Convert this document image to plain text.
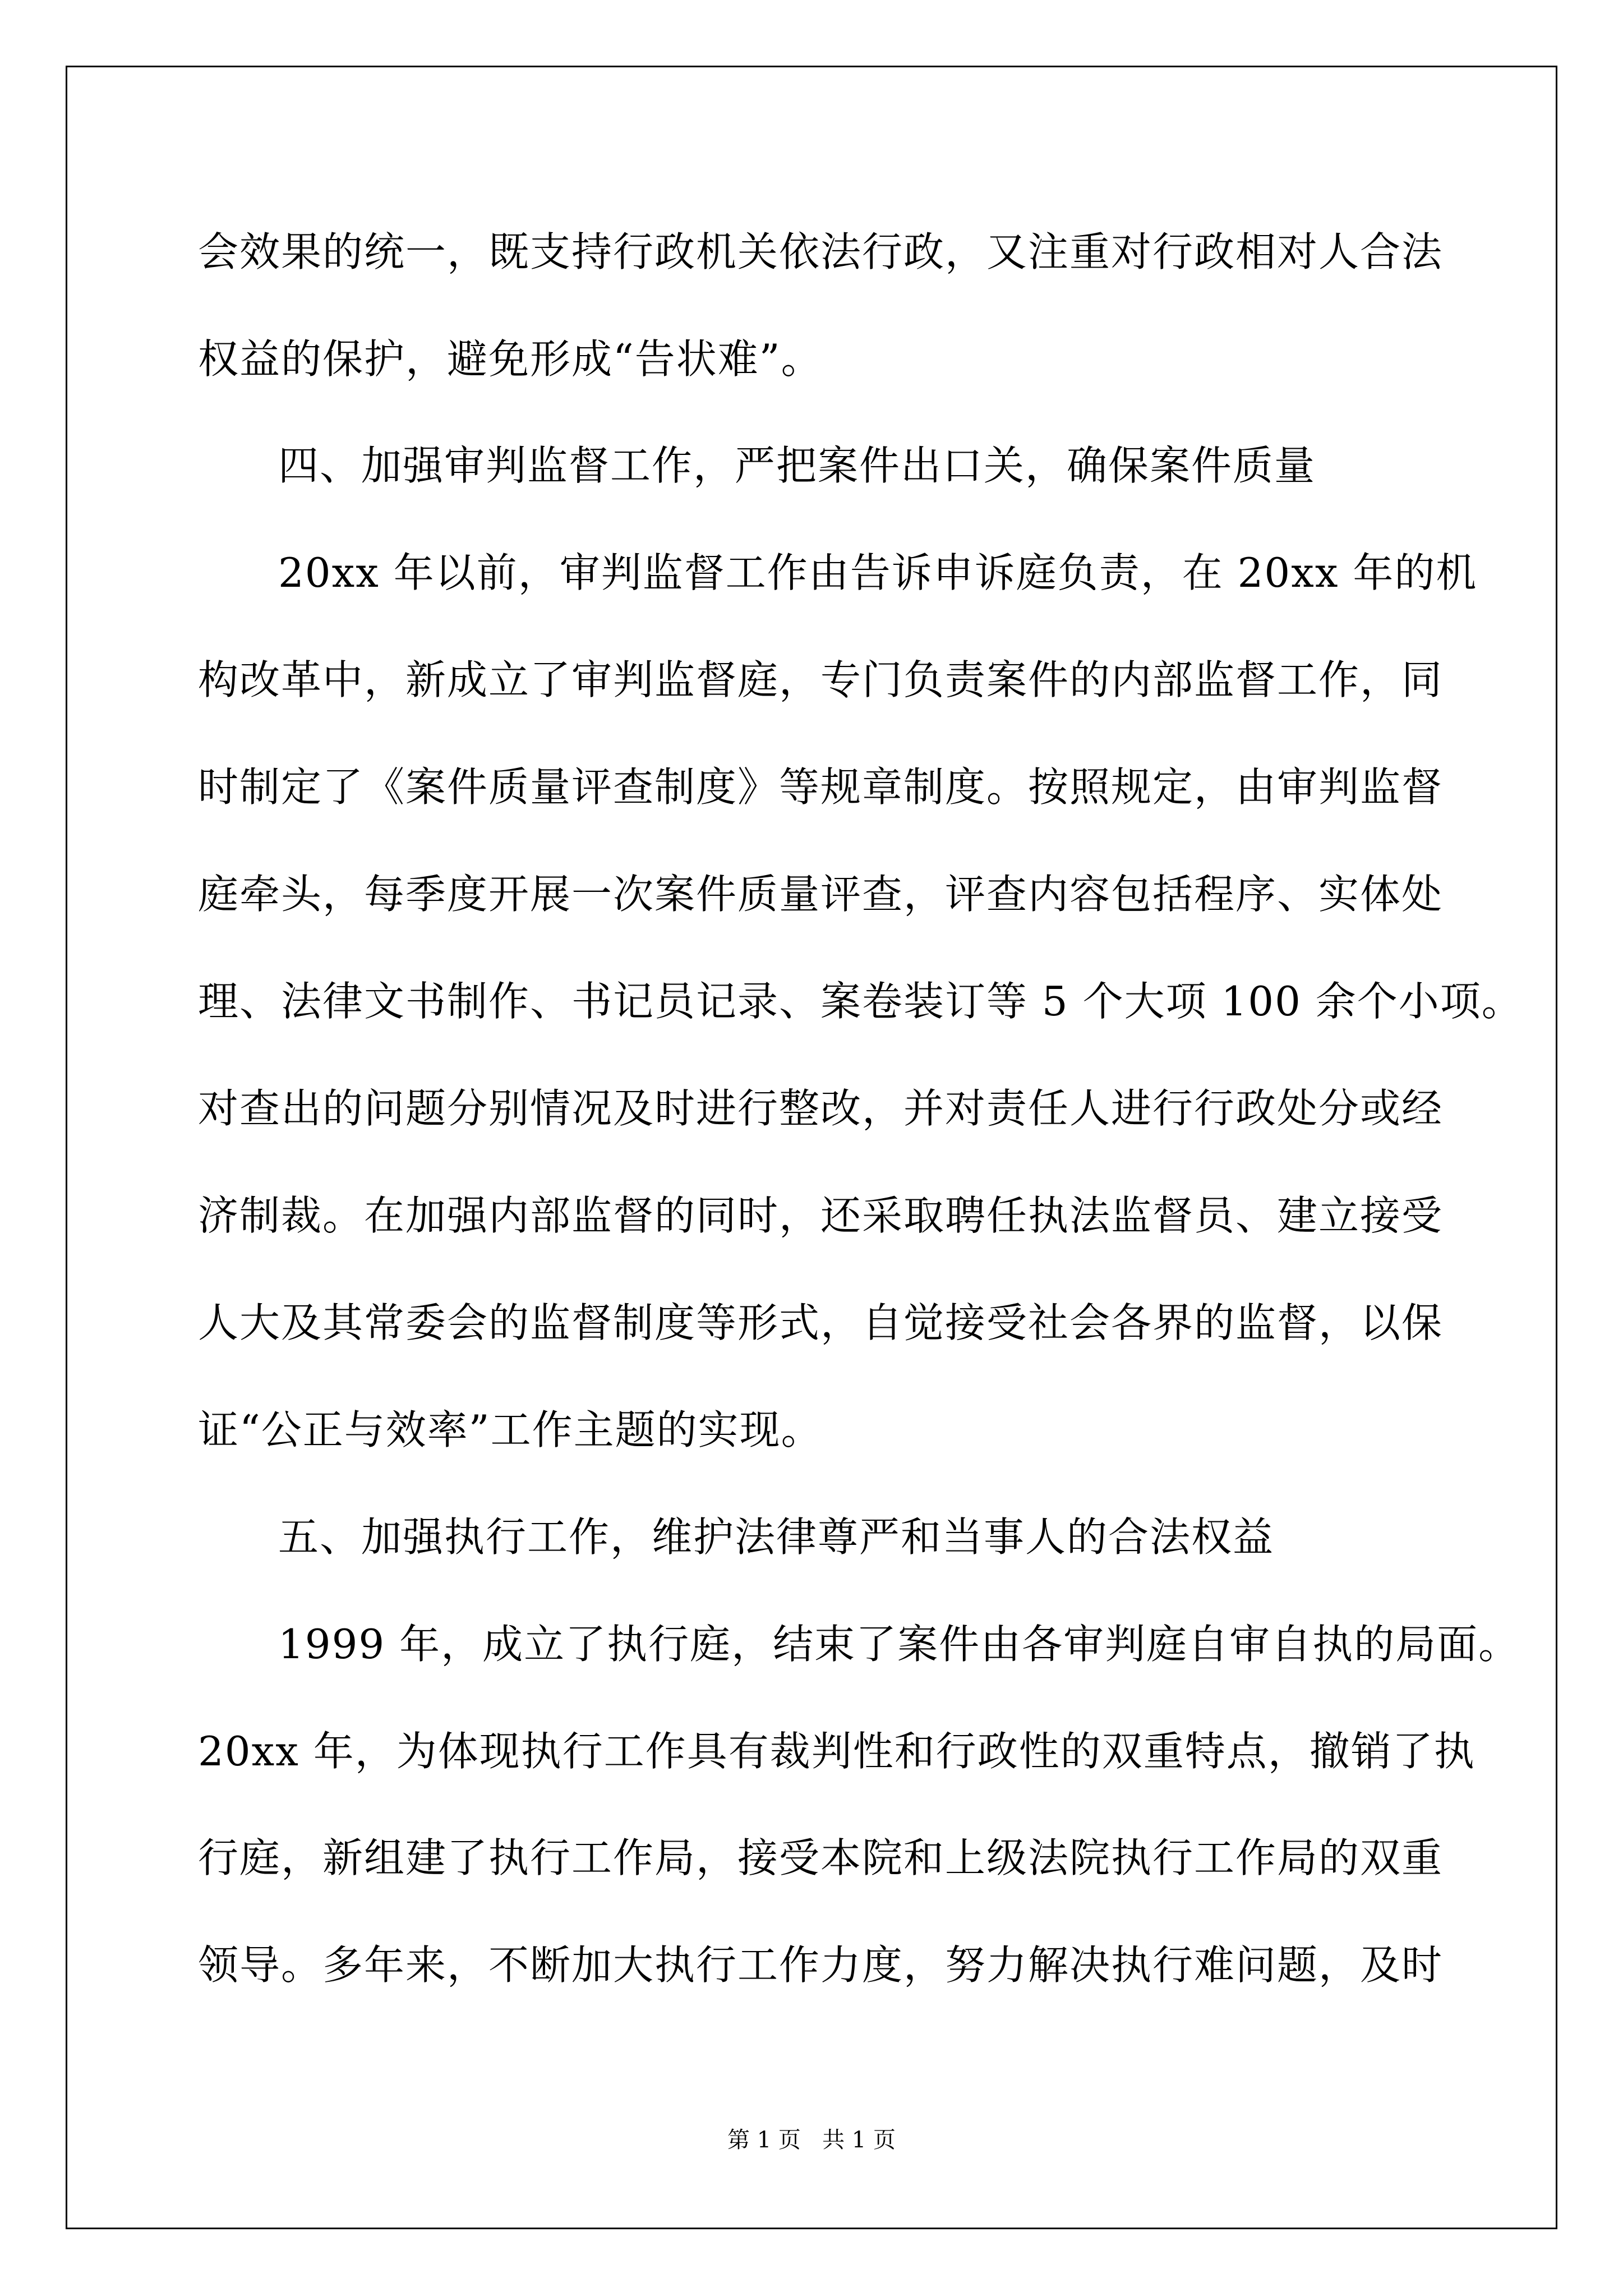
会效果的统一，既支持行政机关依法行政，又注重对行政相对人合法
权益的保护，避免形成“告状难”。
四、加强审判监督工作，严把案件出口关，确保案件质量
20xx 年以前，审判监督工作由告诉申诉庭负责，在 20xx 年的机
构改革中，新成立了审判监督庭，专门负责案件的内部监督工作，同
时制定了《案件质量评查制度》等规章制度。按照规定，由审判监督
庭牵头，每季度开展一次案件质量评查，评查内容包括程序、实体处
理、法律文书制作、书记员记录、案卷装订等 5 个大项 100 余个小项。
对查出的问题分别情况及时进行整改，并对责任人进行行政处分或经
济制裁。在加强内部监督的同时，还采取聘任执法监督员、建立接受
人大及其常委会的监督制度等形式，自觉接受社会各界的监督，以保
证“公正与效率”工作主题的实现。
五、加强执行工作，维护法律尊严和当事人的合法权益
1999 年，成立了执行庭，结束了案件由各审判庭自审自执的局面。
20xx 年，为体现执行工作具有裁判性和行政性的双重特点，撤销了执
行庭，新组建了执行工作局，接受本院和上级法院执行工作局的双重
领导。多年来，不断加大执行工作力度，努力解决执行难问题，及时
第 1 页   共 1 页
